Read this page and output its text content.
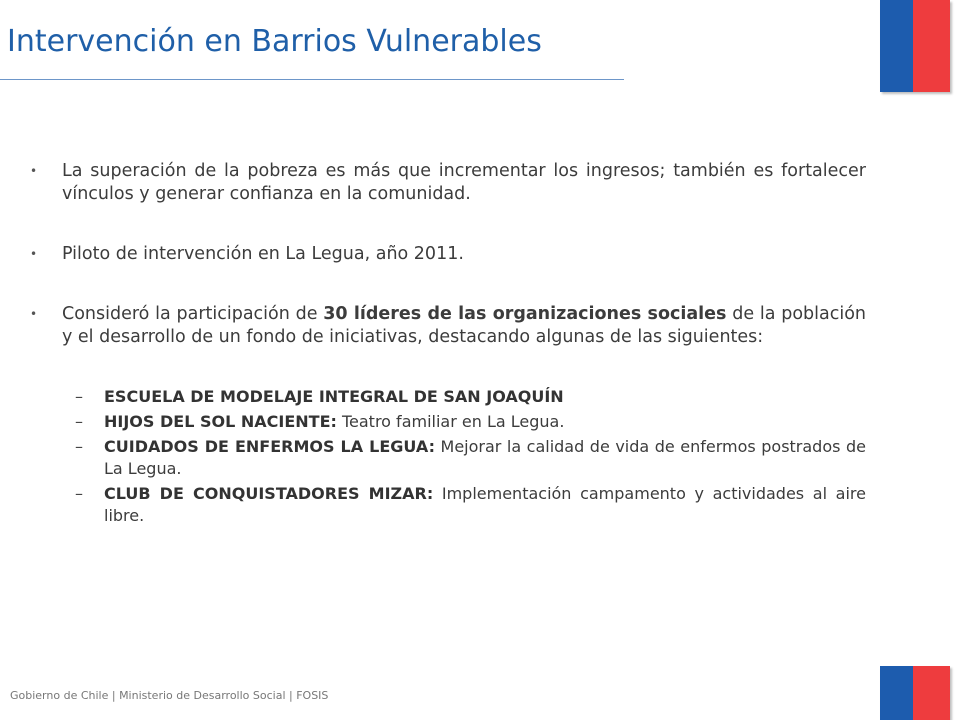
Intervención en Barrios Vulnerables

• La superación de la pobreza es más que incrementar los ingresos; también es fortalecer vínculos y generar confianza en la comunidad.

• Piloto de intervención en La Legua, año 2011.

• Consideró la participación de 30 líderes de las organizaciones sociales de la población y el desarrollo de un fondo de iniciativas, destacando algunas de las siguientes:

– ESCUELA DE MODELAJE INTEGRAL DE SAN JOAQUÍN

– HIJOS DEL SOL NACIENTE: Teatro familiar en La Legua.

– CUIDADOS DE ENFERMOS LA LEGUA: Mejorar la calidad de vida de enfermos postrados de La Legua.

– CLUB DE CONQUISTADORES MIZAR: Implementación campamento y actividades al aire libre.

Gobierno de Chile | Ministerio de Desarrollo Social | FOSIS
